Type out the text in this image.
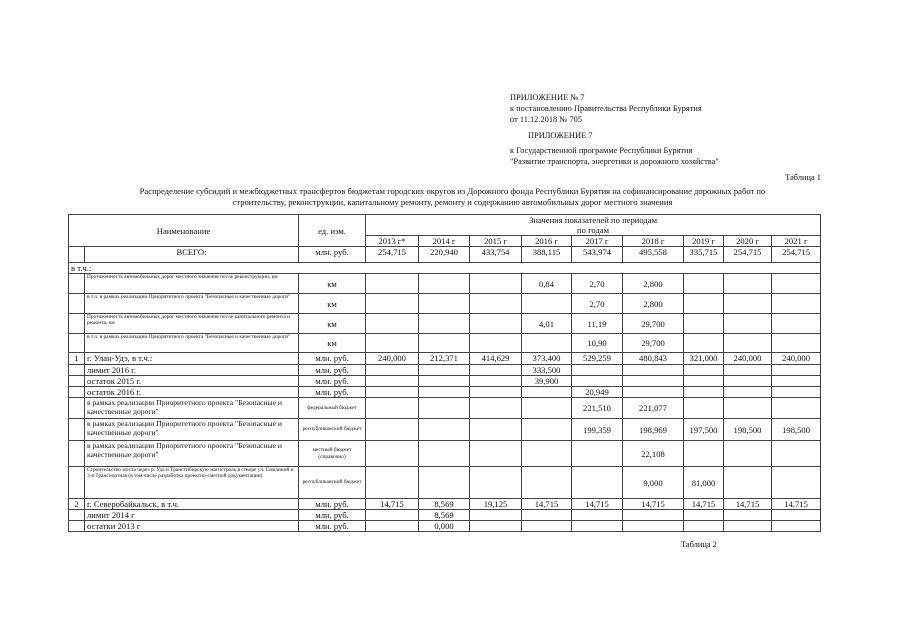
ПРИЛОЖЕНИЕ № 7
к постановлению Правительства Республики Бурятия
от 11.12.2018 № 705
ПРИЛОЖЕНИЕ 7
к Государственной программе Республики Бурятия
"Развитие транспорта, энергетики и дорожного хозяйства"
Таблица 1
Распределение субсидий и межбюджетных трансфертов бюджетам городских округов из Дорожного фонда Республики Бурятия на софинансирование дорожных работ по
строительству, реконструкции, капитальному ремонту, ремонту и содержанию автомобильных дорог местного значения
Наименование		ед. изм.	Значения показателей по периодам
по годам								

			2013 г*	2014 г	2015 г	2016 г	2017 г	2018 г	2019 г	2020 г	2021 г
	ВСЕГО:	млн. руб.	254,715	220,940	433,754	388,115	543,974	495,558	335,715	254,715	254,715
в т.ч.:											
	Протяженность автомобильных дорог местного значения после реконструкции, км	км				0,84	2,70	2,800			
	в т.ч. в рамках реализации Приоритетного проекта "Безопасные и качественные дороги"	км					2,70	2,800			
	Протяженность автомобильных дорог местного значения после капитального ремонта и ремонта, км	км				4,01	11,19	29,700			
	в т.ч. в рамках реализации Приоритетного проекта "Безопасные и качественные дороги"	км					10,90	29,700			
1	г. Улан-Удэ, в т.ч.:	млн. руб.	240,000	212,371	414,629	373,400	529,259	480,843	321,000	240,000	240,000
	лимит 2016 г.	млн. руб.				333,500					
	остаток 2015 г.	млн. руб.				39,900					
	остаток 2016 г.	млн. руб.					20,949				
	в рамках реализации Приоритетного проекта "Безопасные и качественные дороги"	федеральный бюджет					221,510	221,077			
	в рамках реализации Приоритетного проекта "Безопасные и качественные дороги"	республиканский бюджет					199,359	198,969	197,500	198,500	198,500
	в рамках реализации Приоритетного проекта "Безопасные и качественные дороги"	местный бюджет (справочно)						22,108			
	Строительство моста через р. Уда и Транссибирскую магистраль в створе ул. Смолиной и 3-я Транспортная (в том числе разработка проектно-сметной документации)	республиканский бюджет						9,000	81,000		
2	г. Северобайкальск, в т.ч.	млн. руб.	14,715	8,569	19,125	14,715	14,715	14,715	14,715	14,715	14,715
	лимит 2014 г	млн. руб.		8,569							
	остатки 2013 г	млн. руб.		0,000							
Таблица 2
